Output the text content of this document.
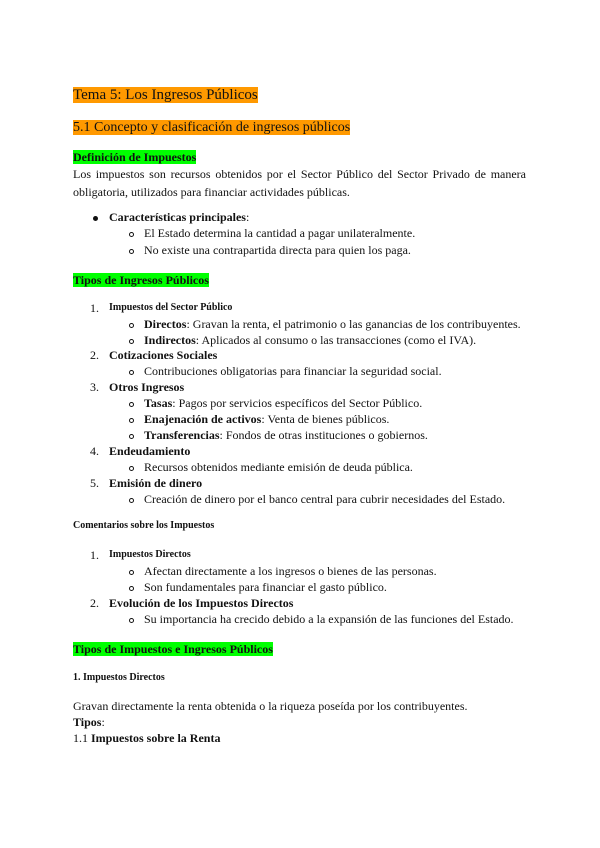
Tema 5: Los Ingresos Públicos
5.1 Concepto y clasificación de ingresos públicos
Definición de Impuestos
Los impuestos son recursos obtenidos por el Sector Público del Sector Privado de manera obligatoria, utilizados para financiar actividades públicas.
Características principales:
El Estado determina la cantidad a pagar unilateralmente.
No existe una contrapartida directa para quien los paga.
Tipos de Ingresos Públicos
1. Impuestos del Sector Público
Directos: Gravan la renta, el patrimonio o las ganancias de los contribuyentes.
Indirectos: Aplicados al consumo o las transacciones (como el IVA).
2. Cotizaciones Sociales
Contribuciones obligatorias para financiar la seguridad social.
3. Otros Ingresos
Tasas: Pagos por servicios específicos del Sector Público.
Enajenación de activos: Venta de bienes públicos.
Transferencias: Fondos de otras instituciones o gobiernos.
4. Endeudamiento
Recursos obtenidos mediante emisión de deuda pública.
5. Emisión de dinero
Creación de dinero por el banco central para cubrir necesidades del Estado.
Comentarios sobre los Impuestos
1. Impuestos Directos
Afectan directamente a los ingresos o bienes de las personas.
Son fundamentales para financiar el gasto público.
2. Evolución de los Impuestos Directos
Su importancia ha crecido debido a la expansión de las funciones del Estado.
Tipos de Impuestos e Ingresos Públicos
1. Impuestos Directos
Gravan directamente la renta obtenida o la riqueza poseída por los contribuyentes.
Tipos:
1.1 Impuestos sobre la Renta
